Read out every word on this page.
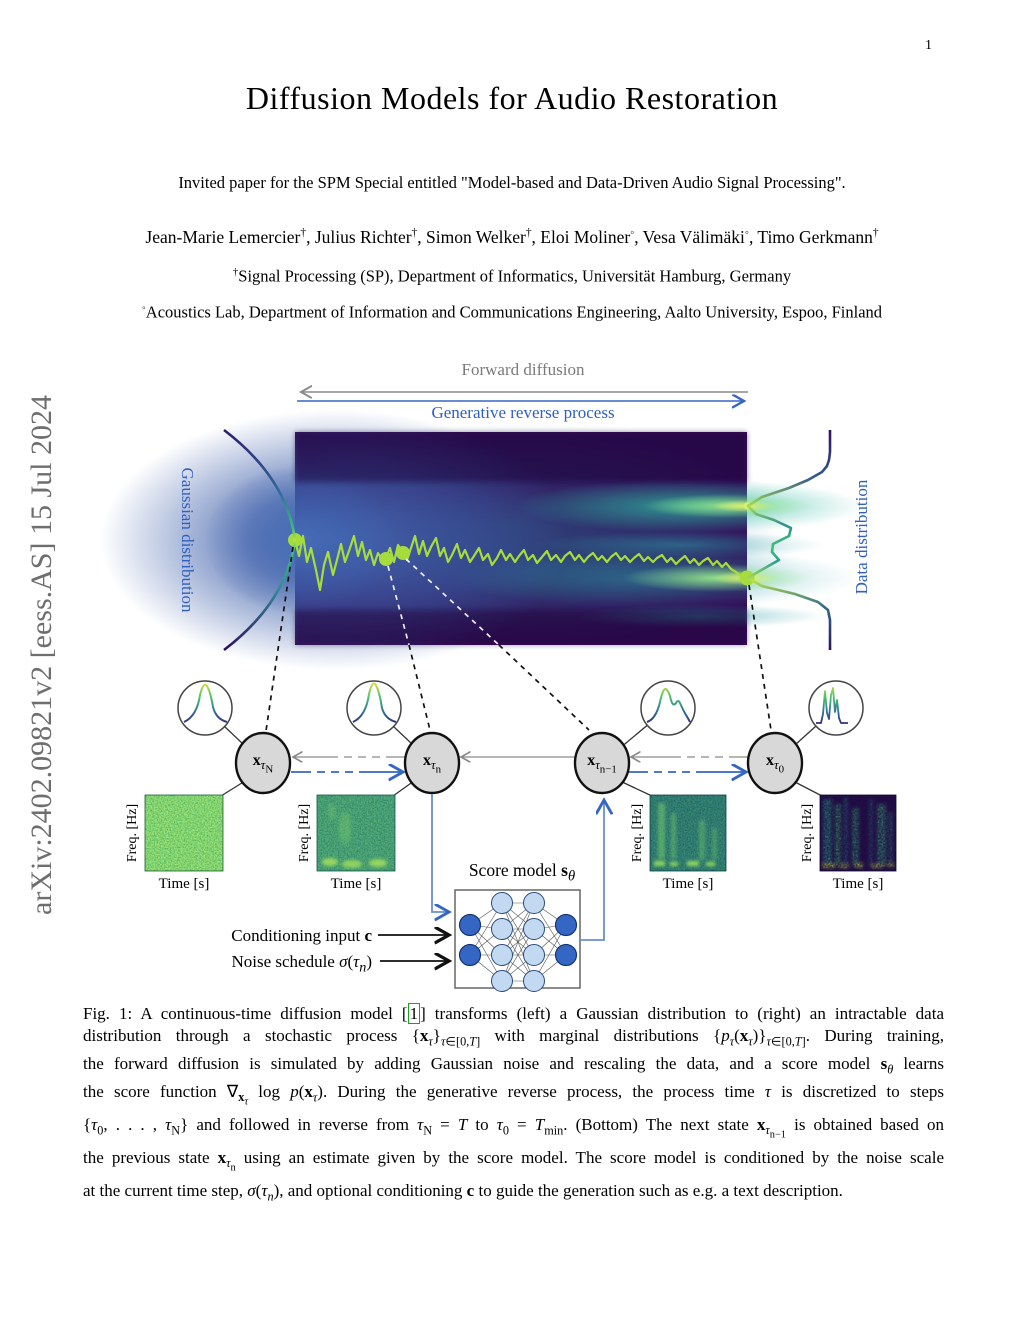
1
Diffusion Models for Audio Restoration
Invited paper for the SPM Special entitled "Model-based and Data-Driven Audio Signal Processing".
Jean-Marie Lemercier†, Julius Richter†, Simon Welker†, Eloi Moliner◦, Vesa Välimäki◦, Timo Gerkmann†
†Signal Processing (SP), Department of Informatics, Universität Hamburg, Germany
◦Acoustics Lab, Department of Information and Communications Engineering, Aalto University, Espoo, Finland
arXiv:2402.09821v2 [eess.AS] 15 Jul 2024
Forward diffusion
Generative reverse process
Gaussian distribution	Data distribution
$x_{\tau_N}$
$x_{\tau_n}$
$x_{\tau_{n-1}}$
$x_{\tau_0}$
Freq. [Hz]	Freq. [Hz]	Freq. [Hz]	Freq. [Hz]
Time [s]	Time [s]	Time [s]	Time [s]
Score model $s_\theta$
Conditioning input c
Noise schedule $\sigma(\tau_n)$
Fig. 1: A continuous-time diffusion model [ 1 ] transforms (left) a Gaussian distribution to (right) an intractable data
distribution through a stochastic process $\{x_\tau\}_{\tau\in[0,T]}$ with marginal distributions $\{p_\tau(x_\tau)\}_{\tau\in[0,T]}$. During training,
the forward diffusion is simulated by adding Gaussian noise and rescaling the data, and a score model $s_\theta$ learns
the score function $\nabla_{x_\tau}$ $\log p(x_\tau)$. During the generative reverse process, the process time τ is discretized to steps
{$\tau_0$, . . . , $\tau_N$} and followed in reverse from $\tau_N = T$ to $\tau_0 = T_{min}$. (Bottom) The next state $x_{\tau_{n-1}}$ is obtained based on
the previous state $x_{\tau_n}$ using an estimate given by the score model. The score model is conditioned by the noise scale
at the current time step, $\sigma(\tau_n)$, and optional conditioning c to guide the generation such as e.g. a text description.
